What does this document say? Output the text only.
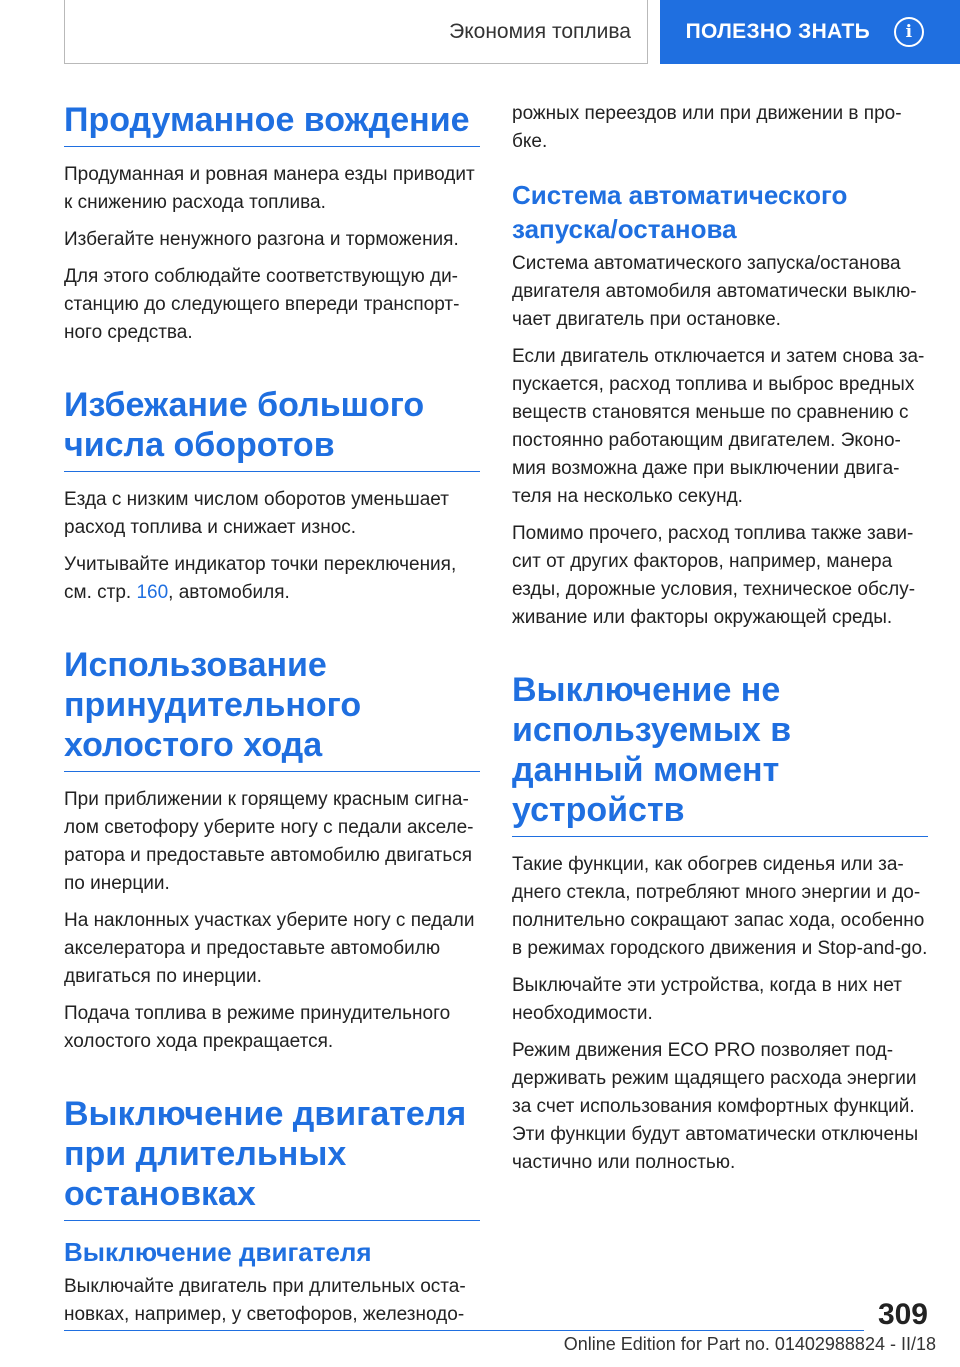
Экономия топлива	ПОЛЕЗНО ЗНАТЬ	i
Продуманное вождение

Продуманная и ровная манера езды приводит к снижению расхода топлива.

Избегайте ненужного разгона и торможения.

Для этого соблюдайте соответствующую ди-станцию до следующего впереди транспорт-ного средства.

Избежание большого числа оборотов

Езда с низким числом оборотов уменьшает расход топлива и снижает износ.

Учитывайте индикатор точки переключения, см. стр. 160, автомобиля.

Использование принудительного холостого хода

При приближении к горящему красным сигна-лом светофору уберите ногу с педали акселе-ратора и предоставьте автомобилю двигаться по инерции.

На наклонных участках уберите ногу с педали акселератора и предоставьте автомобилю двигаться по инерции.

Подача топлива в режиме принудительного холостого хода прекращается.

Выключение двигателя при длительных остановках
Выключение двигателя

Выключайте двигатель при длительных оста-новках, например, у светофоров, железнодо-

рожных переездов или при движении в про-бке.

Система автоматического запуска/останова

Система автоматического запуска/останова двигателя автомобиля автоматически выклю-чает двигатель при остановке.

Если двигатель отключается и затем снова за-пускается, расход топлива и выброс вредных веществ становятся меньше по сравнению с постоянно работающим двигателем. Эконо-мия возможна даже при выключении двига-теля на несколько секунд.

Помимо прочего, расход топлива также зави-сит от других факторов, например, манера езды, дорожные условия, техническое обслу-живание или факторы окружающей среды.

Выключение не используемых в данный момент устройств

Такие функции, как обогрев сиденья или за-днего стекла, потребляют много энергии и до-полнительно сокращают запас хода, особенно в режимах городского движения и Stop-and-go.

Выключайте эти устройства, когда в них нет необходимости.

Режим движения ECO PRO позволяет под-держивать режим щадящего расхода энергии за счет использования комфортных функций. Эти функции будут автоматически отключены частично или полностью.

309
Online Edition for Part no. 01402988824 - II/18
